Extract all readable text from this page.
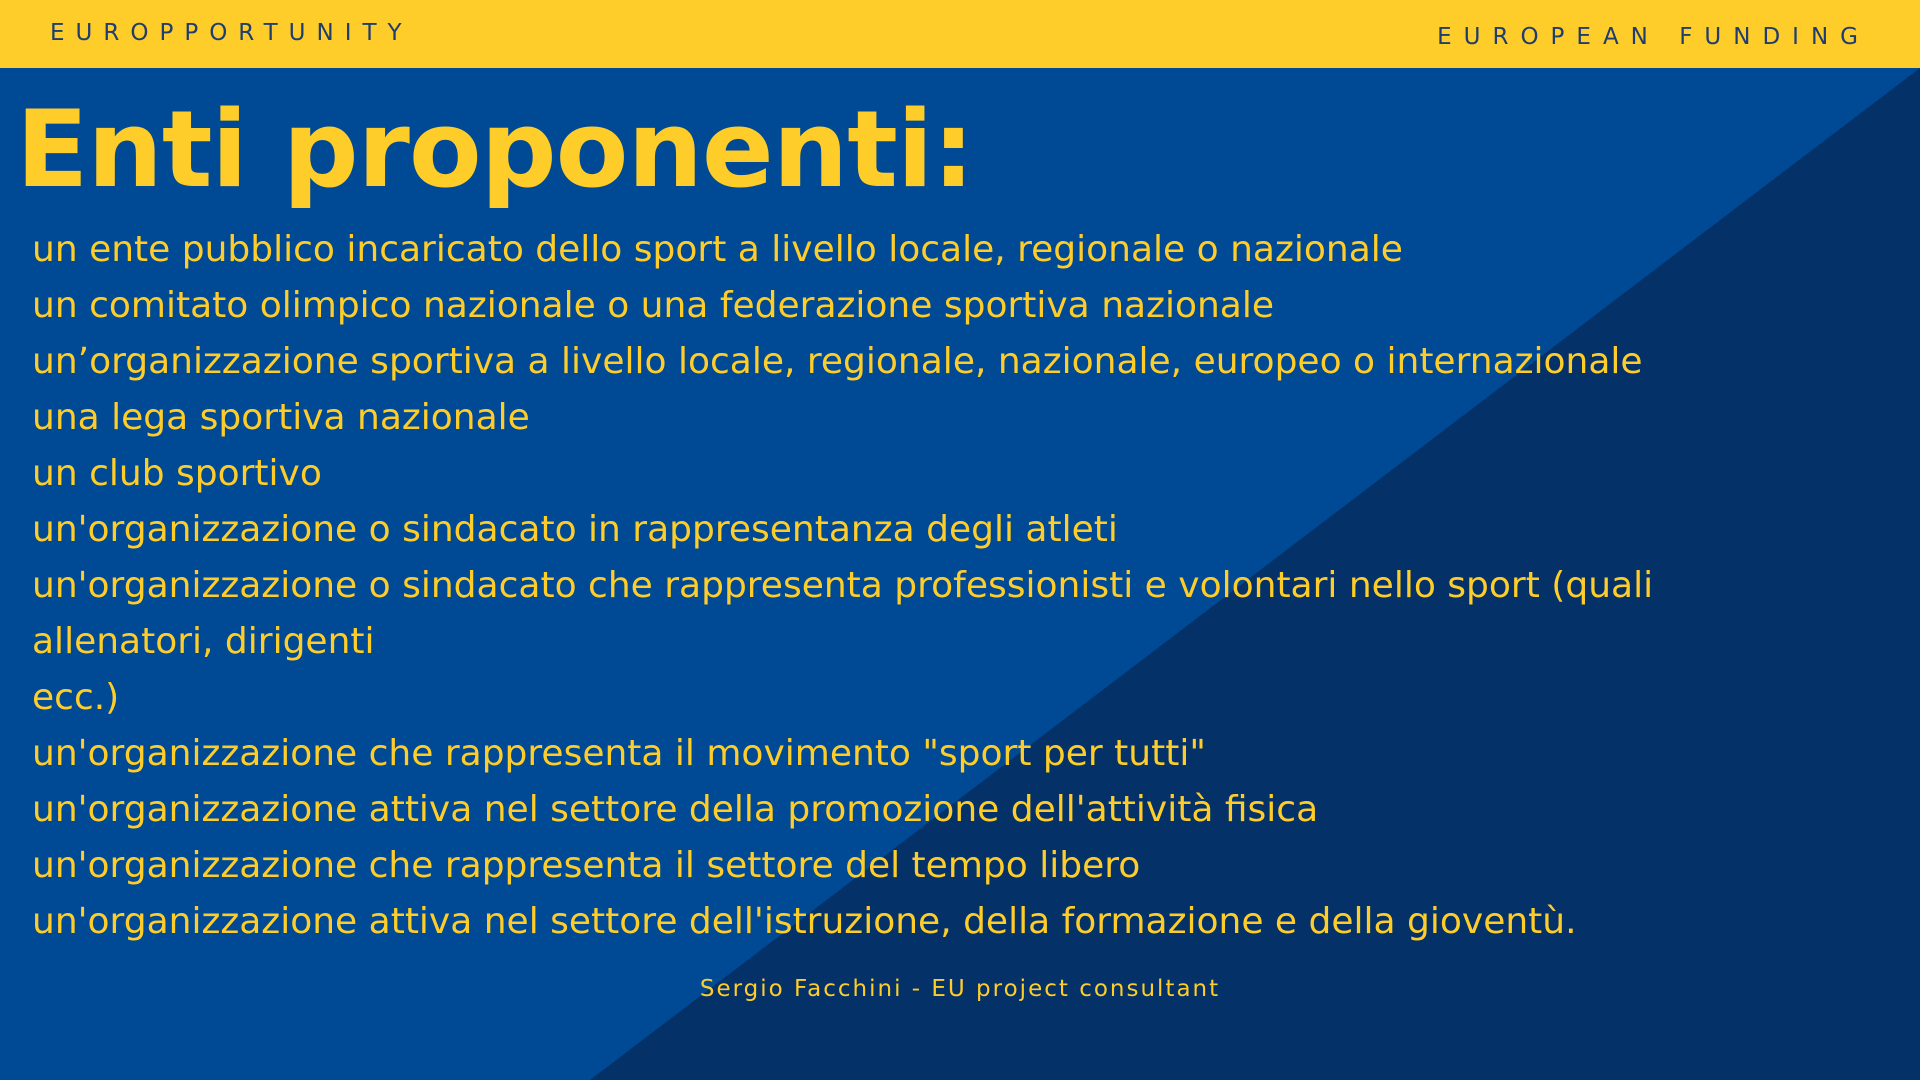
EUROPPORTUNITY	EUROPEAN FUNDING
Enti proponenti:
un ente pubblico incaricato dello sport a livello locale, regionale o nazionale
un comitato olimpico nazionale o una federazione sportiva nazionale
un’organizzazione sportiva a livello locale, regionale, nazionale, europeo o internazionale
una lega sportiva nazionale
un club sportivo
un'organizzazione o sindacato in rappresentanza degli atleti
un'organizzazione o sindacato che rappresenta professionisti e volontari nello sport (quali
allenatori, dirigenti
ecc.)
un'organizzazione che rappresenta il movimento "sport per tutti"
un'organizzazione attiva nel settore della promozione dell'attività fisica
un'organizzazione che rappresenta il settore del tempo libero
un'organizzazione attiva nel settore dell'istruzione, della formazione e della gioventù.
Sergio Facchini - EU project consultant
